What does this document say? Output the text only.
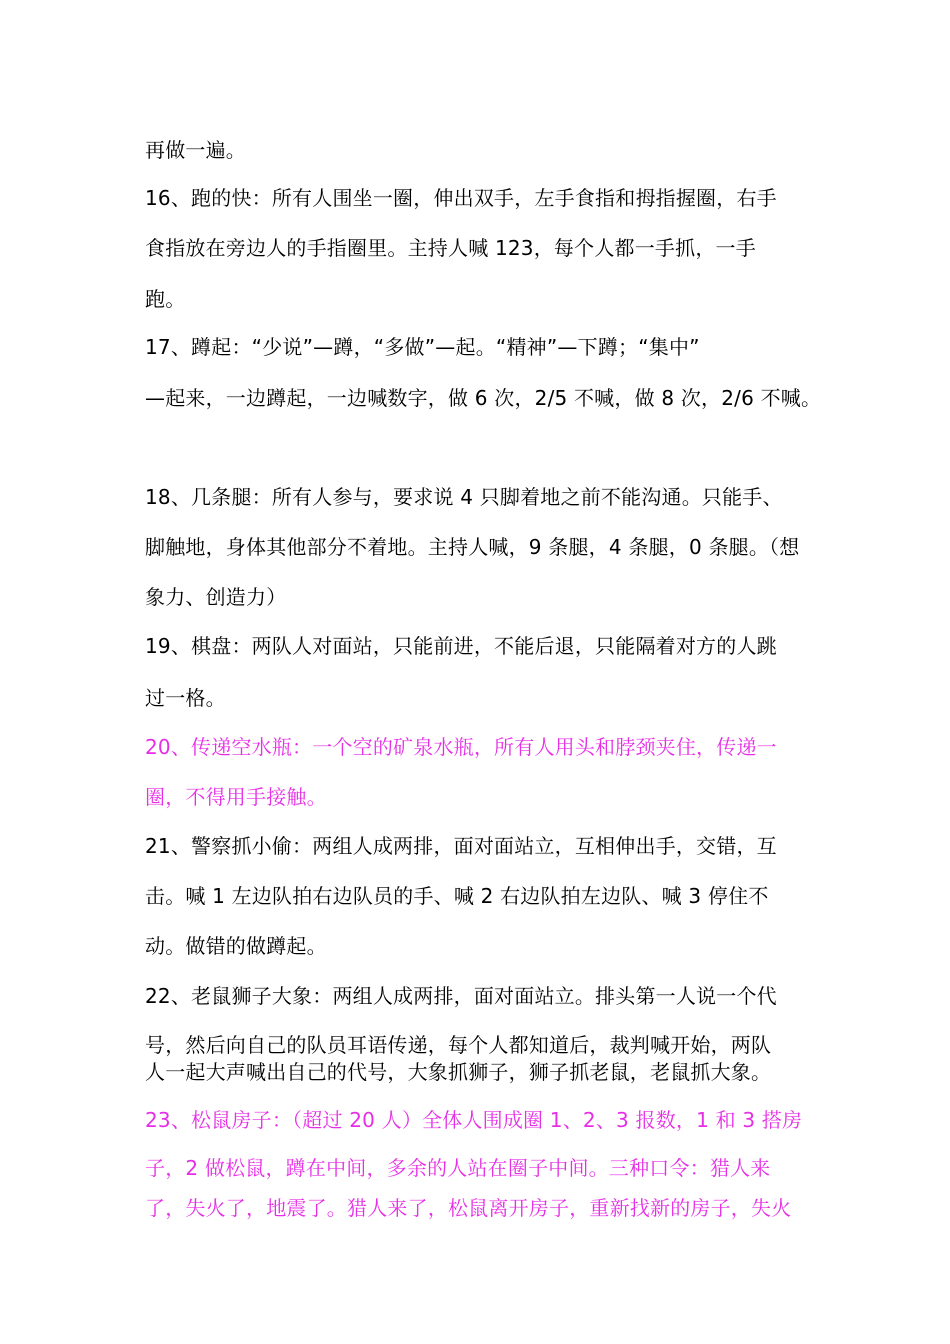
再做一遍。
16、跑的快：所有人围坐一圈，伸出双手，左手食指和拇指握圈，右手
食指放在旁边人的手指圈里。主持人喊 123，每个人都一手抓，一手
跑。
17、蹲起：“少说”—蹲，“多做”—起。“精神”—下蹲；“集中”
—起来，一边蹲起，一边喊数字，做 6 次，2/5 不喊，做 8 次，2/6 不喊。
18、几条腿：所有人参与，要求说 4 只脚着地之前不能沟通。只能手、
脚触地，身体其他部分不着地。主持人喊，9 条腿，4 条腿，0 条腿。（想
象力、创造力）
19、棋盘：两队人对面站，只能前进，不能后退，只能隔着对方的人跳
过一格。
20、传递空水瓶：一个空的矿泉水瓶，所有人用头和脖颈夹住，传递一
圈，不得用手接触。
21、警察抓小偷：两组人成两排，面对面站立，互相伸出手，交错，互
击。喊 1 左边队拍右边队员的手、喊 2 右边队拍左边队、喊 3 停住不
动。做错的做蹲起。
22、老鼠狮子大象：两组人成两排，面对面站立。排头第一人说一个代
号，然后向自己的队员耳语传递，每个人都知道后，裁判喊开始，两队
人一起大声喊出自己的代号，大象抓狮子，狮子抓老鼠，老鼠抓大象。
23、松鼠房子：（超过 20 人）全体人围成圈 1、2、3 报数，1 和 3 搭房
子，2 做松鼠，蹲在中间，多余的人站在圈子中间。三种口令：猎人来
了，失火了，地震了。猎人来了，松鼠离开房子，重新找新的房子，失火
